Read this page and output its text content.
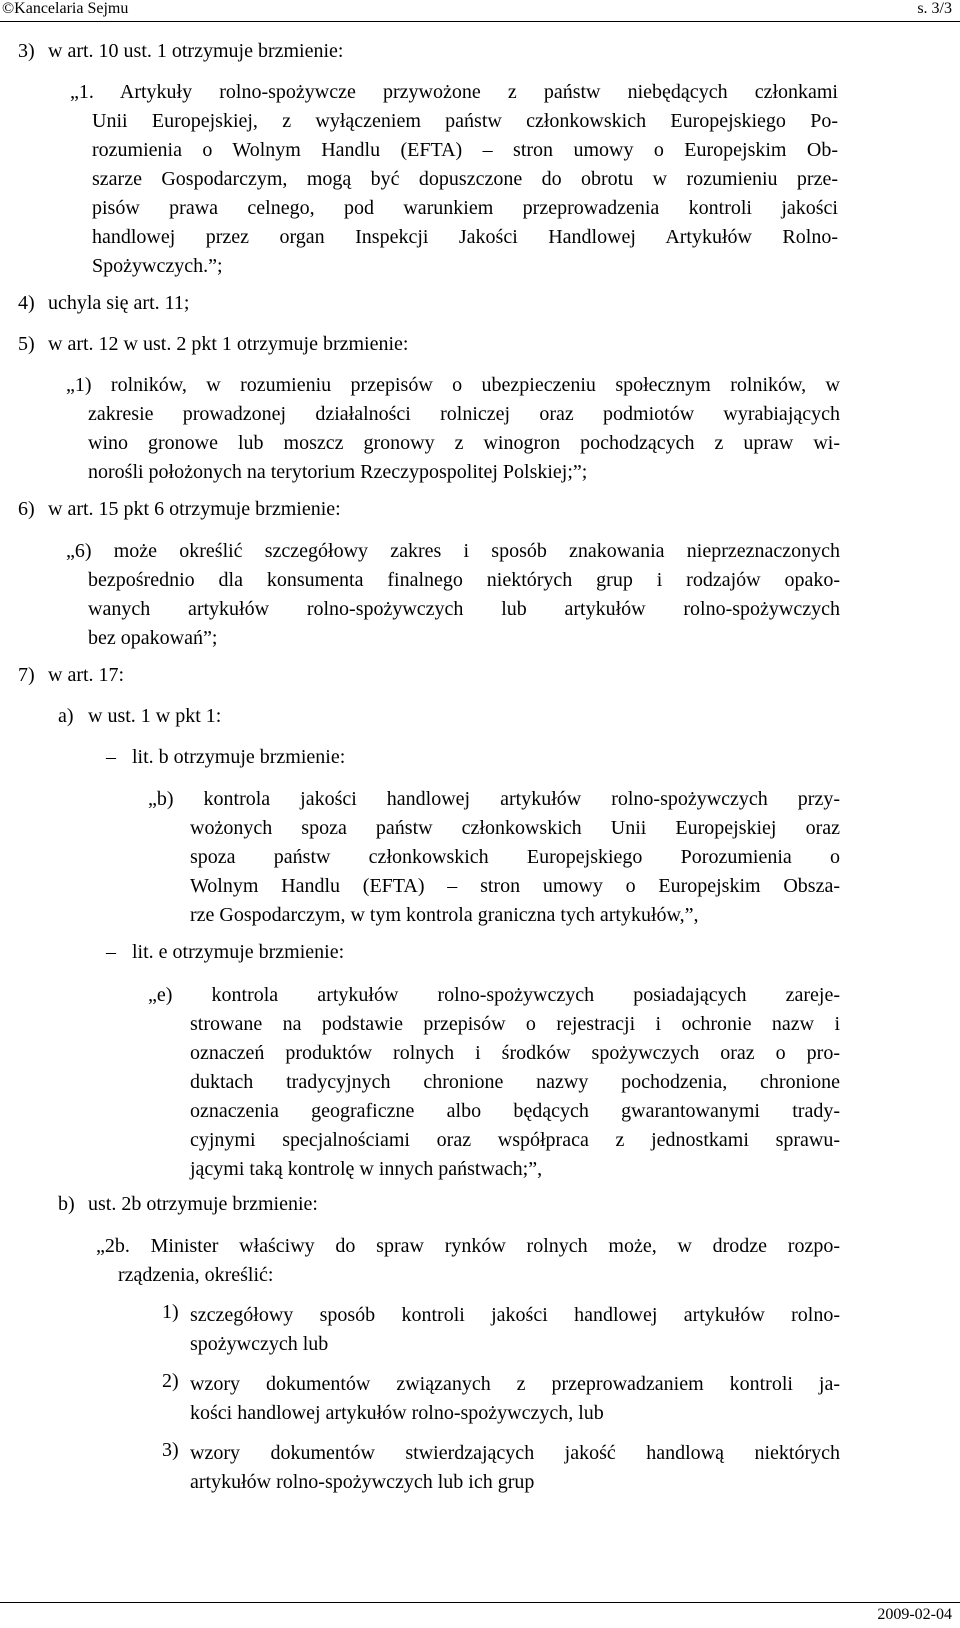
©Kancelaria Sejmu	s. 3/3
3) w art. 10 ust. 1 otrzymuje brzmienie:
„1. Artykuły rolno-spożywcze przywożone z państw niebędących członkami
Unii Europejskiej, z wyłączeniem państw członkowskich Europejskiego Po-
rozumienia o Wolnym Handlu (EFTA) – stron umowy o Europejskim Ob-
szarze Gospodarczym, mogą być dopuszczone do obrotu w rozumieniu prze-
pisów prawa celnego, pod warunkiem przeprowadzenia kontroli jakości
handlowej przez organ Inspekcji Jakości Handlowej Artykułów Rolno-
Spożywczych.”;
4) uchyla się art. 11;
5) w art. 12 w ust. 2 pkt 1 otrzymuje brzmienie:
„1) rolników, w rozumieniu przepisów o ubezpieczeniu społecznym rolników, w
zakresie prowadzonej działalności rolniczej oraz podmiotów wyrabiających
wino gronowe lub moszcz gronowy z winogron pochodzących z upraw wi-
norośli położonych na terytorium Rzeczypospolitej Polskiej;”;
6) w art. 15 pkt 6 otrzymuje brzmienie:
„6) może określić szczegółowy zakres i sposób znakowania nieprzeznaczonych
bezpośrednio dla konsumenta finalnego niektórych grup i rodzajów opako-
wanych artykułów rolno-spożywczych lub artykułów rolno-spożywczych
bez opakowań”;
7) w art. 17:
a) w ust. 1 w pkt 1:
– lit. b otrzymuje brzmienie:
„b) kontrola jakości handlowej artykułów rolno-spożywczych przy-
wożonych spoza państw członkowskich Unii Europejskiej oraz
spoza państw członkowskich Europejskiego Porozumienia o
Wolnym Handlu (EFTA) – stron umowy o Europejskim Obsza-
rze Gospodarczym, w tym kontrola graniczna tych artykułów,”,
– lit. e otrzymuje brzmienie:
„e) kontrola artykułów rolno-spożywczych posiadających zareje-
strowane na podstawie przepisów o rejestracji i ochronie nazw i
oznaczeń produktów rolnych i środków spożywczych oraz o pro-
duktach tradycyjnych chronione nazwy pochodzenia, chronione
oznaczenia geograficzne albo będących gwarantowanymi trady-
cyjnymi specjalnościami oraz współpraca z jednostkami sprawu-
jącymi taką kontrolę w innych państwach;”,
b) ust. 2b otrzymuje brzmienie:
„2b. Minister właściwy do spraw rynków rolnych może, w drodze rozpo-
rządzenia, określić:
1) szczegółowy sposób kontroli jakości handlowej artykułów rolno-
spożywczych lub
2) wzory dokumentów związanych z przeprowadzaniem kontroli ja-
kości handlowej artykułów rolno-spożywczych, lub
3) wzory dokumentów stwierdzających jakość handlową niektórych
artykułów rolno-spożywczych lub ich grup
2009-02-04
